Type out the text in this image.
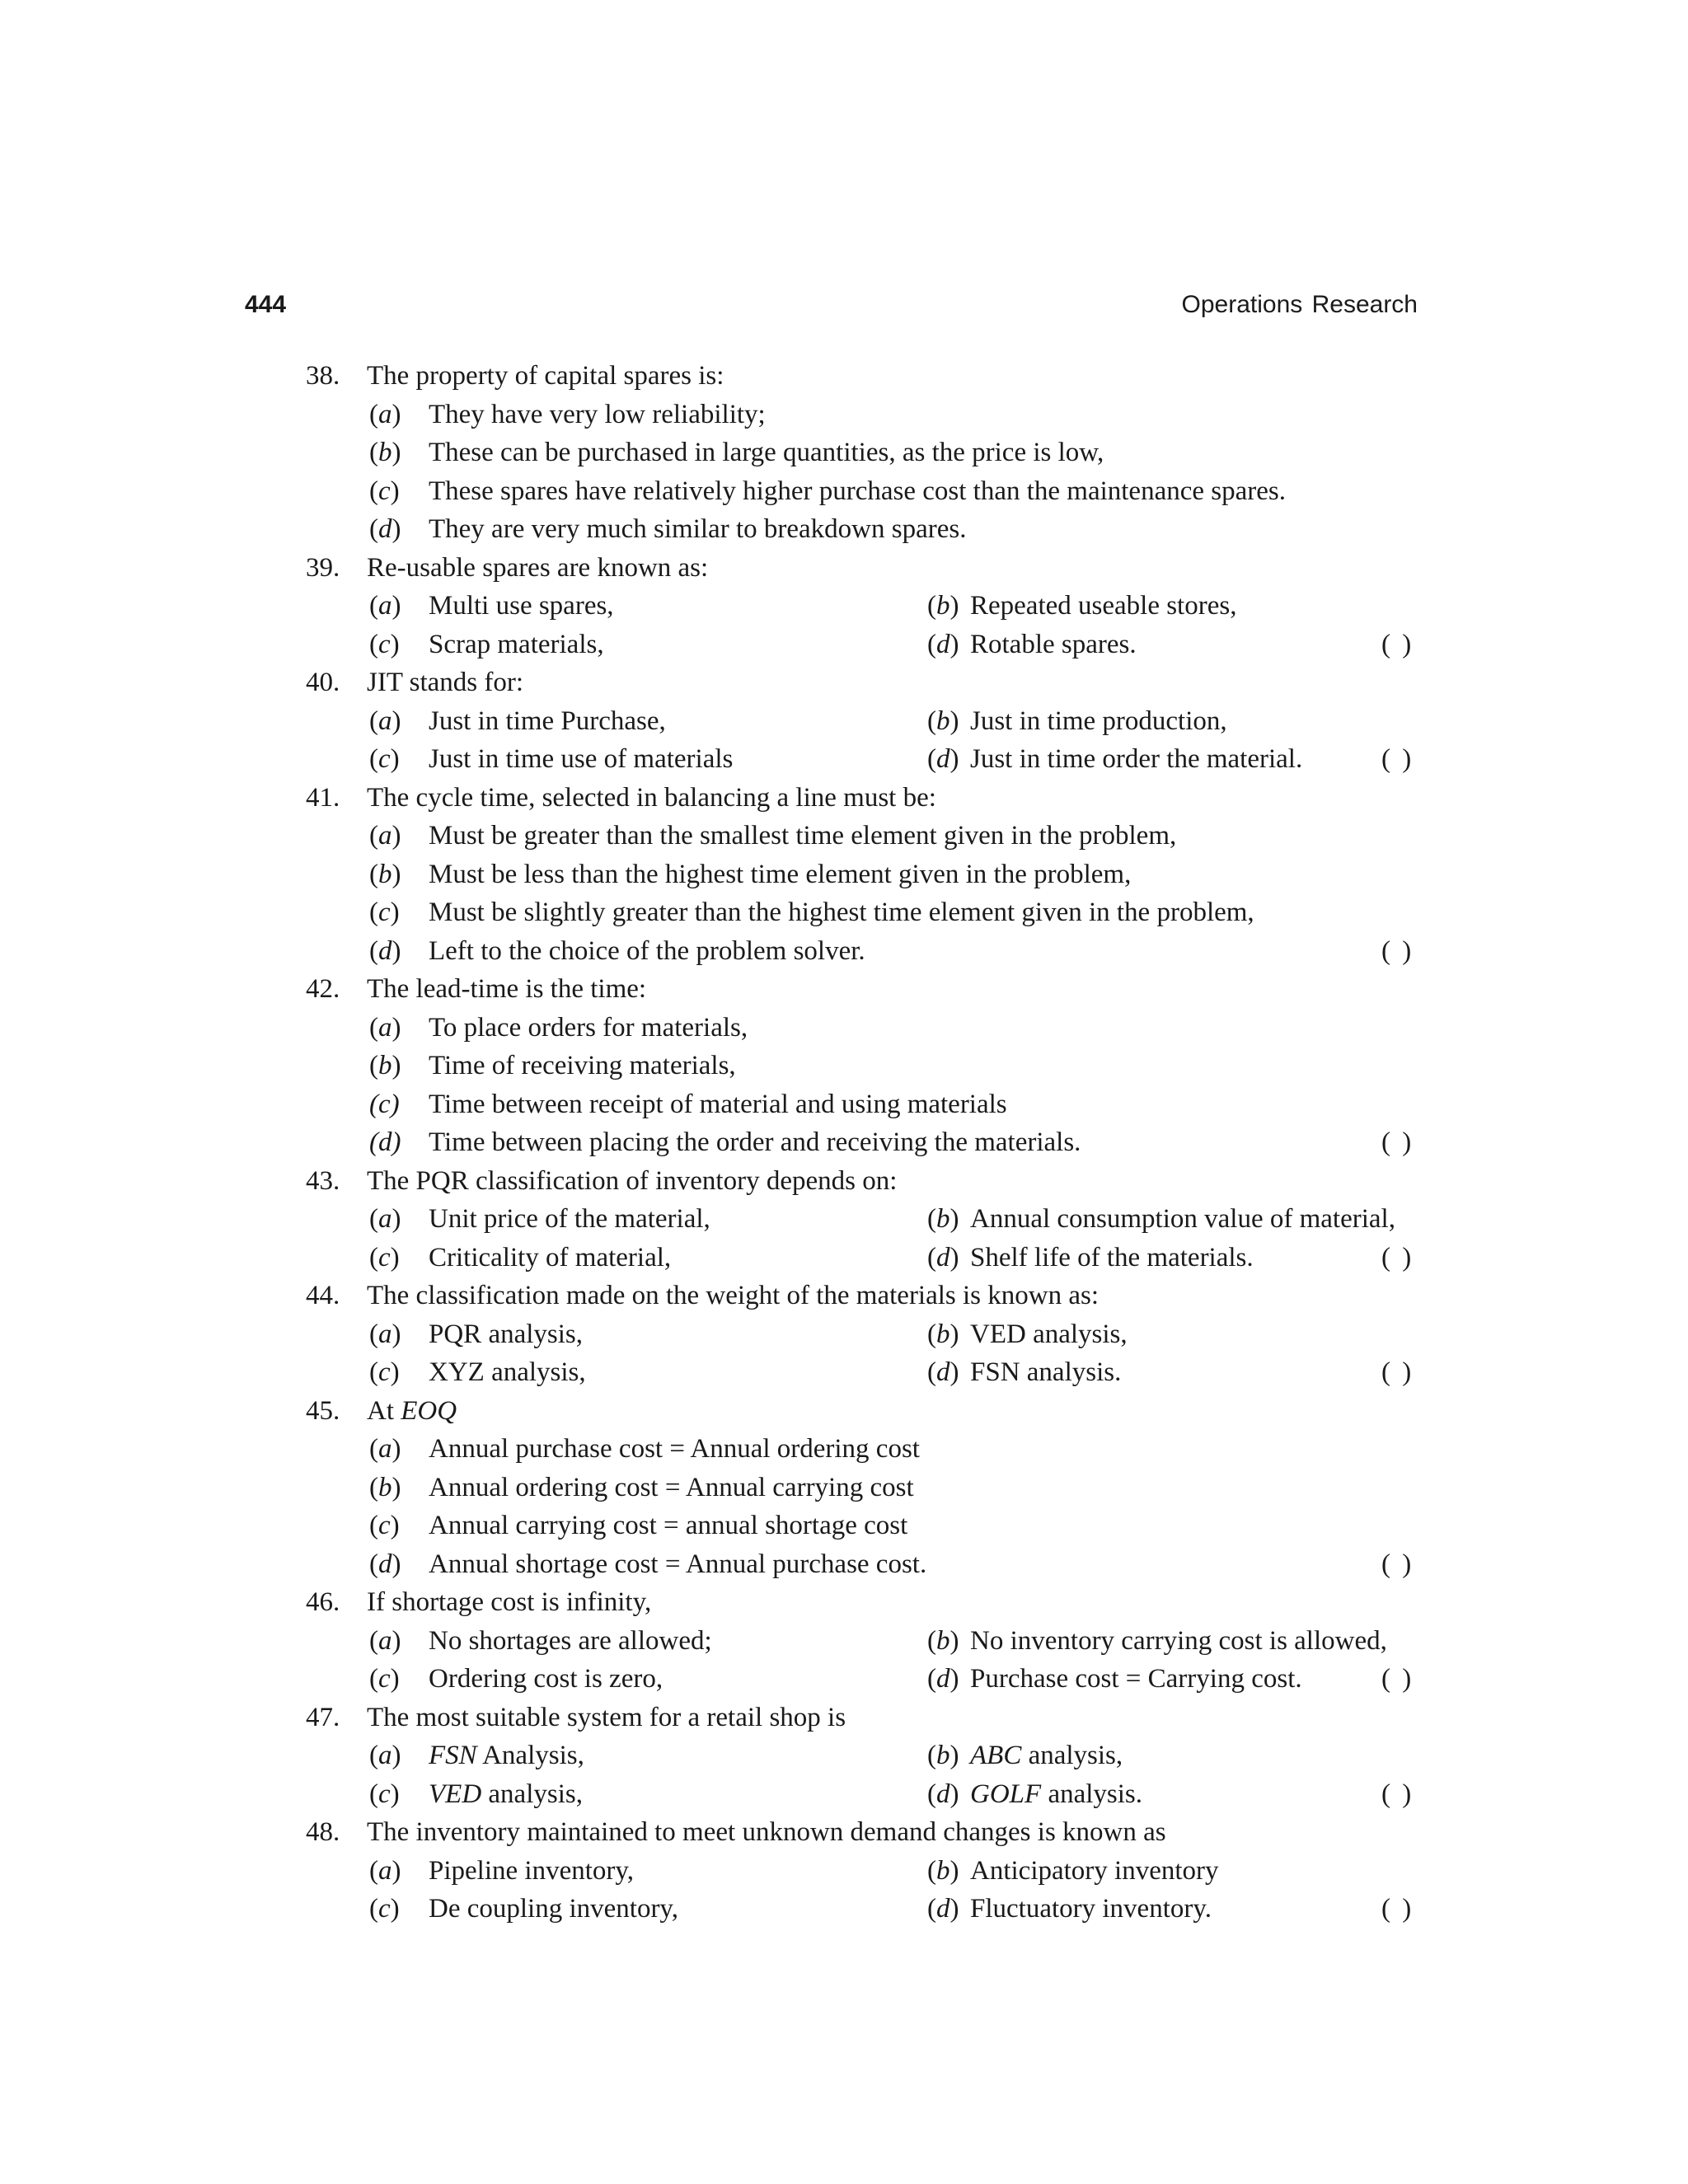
444	Operations Research
38. The property of capital spares is:
(a) They have very low reliability;
(b) These can be purchased in large quantities, as the price is low,
(c) These spares have relatively higher purchase cost than the maintenance spares.
(d) They are very much similar to breakdown spares.
39. Re-usable spares are known as:
(a) Multi use spares,	(b) Repeated useable stores,
(c) Scrap materials,	(d) Rotable spares.	( )
40. JIT stands for:
(a) Just in time Purchase,	(b) Just in time production,
(c) Just in time use of materials	(d) Just in time order the material.	( )
41. The cycle time, selected in balancing a line must be:
(a) Must be greater than the smallest time element given in the problem,
(b) Must be less than the highest time element given in the problem,
(c) Must be slightly greater than the highest time element given in the problem,
(d) Left to the choice of the problem solver.	( )
42. The lead-time is the time:
(a) To place orders for materials,
(b) Time of receiving materials,
(c) Time between receipt of material and using materials
(d) Time between placing the order and receiving the materials.	( )
43. The PQR classification of inventory depends on:
(a) Unit price of the material,	(b) Annual consumption value of material,
(c) Criticality of material,	(d) Shelf life of the materials.	( )
44. The classification made on the weight of the materials is known as:
(a) PQR analysis,	(b) VED analysis,
(c) XYZ analysis,	(d) FSN analysis.	( )
45. At EOQ
(a) Annual purchase cost = Annual ordering cost
(b) Annual ordering cost = Annual carrying cost
(c) Annual carrying cost = annual shortage cost
(d) Annual shortage cost = Annual purchase cost.	( )
46. If shortage cost is infinity,
(a) No shortages are allowed;	(b) No inventory carrying cost is allowed,
(c) Ordering cost is zero,	(d) Purchase cost = Carrying cost.	( )
47. The most suitable system for a retail shop is
(a) FSN Analysis,	(b) ABC analysis,
(c) VED analysis,	(d) GOLF analysis.	( )
48. The inventory maintained to meet unknown demand changes is known as
(a) Pipeline inventory,	(b) Anticipatory inventory
(c) De coupling inventory,	(d) Fluctuatory inventory.	( )
